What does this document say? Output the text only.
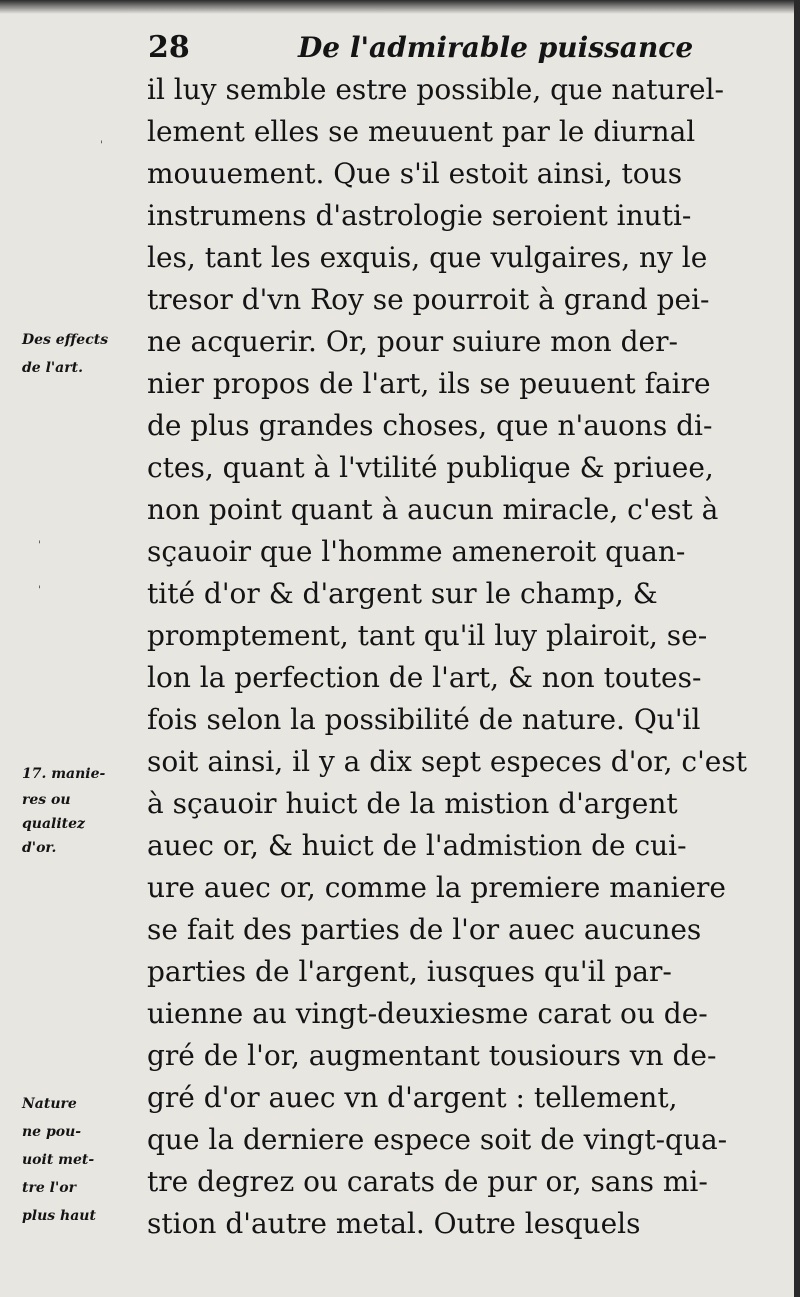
28	De l'admirable puissance
il luy semble estre possible, que naturel-
lement elles se meuuent par le diurnal
mouuement. Que s'il estoit ainsi, tous
instrumens d'astrologie seroient inuti-
les, tant les exquis, que vulgaires, ny le
tresor d'vn Roy se pourroit à grand pei-
ne acquerir. Or, pour suiure mon der-
nier propos de l'art, ils se peuuent faire
de plus grandes choses, que n'auons di-
ctes, quant à l'vtilité publique & priuee,
non point quant à aucun miracle, c'est à
sçauoir que l'homme ameneroit quan-
tité d'or & d'argent sur le champ, &
promptement, tant qu'il luy plairoit, se-
lon la perfection de l'art, & non toutes-
fois selon la possibilité de nature. Qu'il
soit ainsi, il y a dix sept especes d'or, c'est
à sçauoir huict de la mistion d'argent
auec or, & huict de l'admistion de cui-
ure auec or, comme la premiere maniere
se fait des parties de l'or auec aucunes
parties de l'argent, iusques qu'il par-
uienne au vingt-deuxiesme carat ou de-
gré de l'or, augmentant tousiours vn de-
gré d'or auec vn d'argent : tellement,
que la derniere espece soit de vingt-qua-
tre degrez ou carats de pur or, sans mi-
stion d'autre metal. Outre lesquels
Des effects
de l'art.
17. manie-
res ou
qualitez
d'or.
Nature
ne pou-
uoit met-
tre l'or
plus haut
'
'
'
